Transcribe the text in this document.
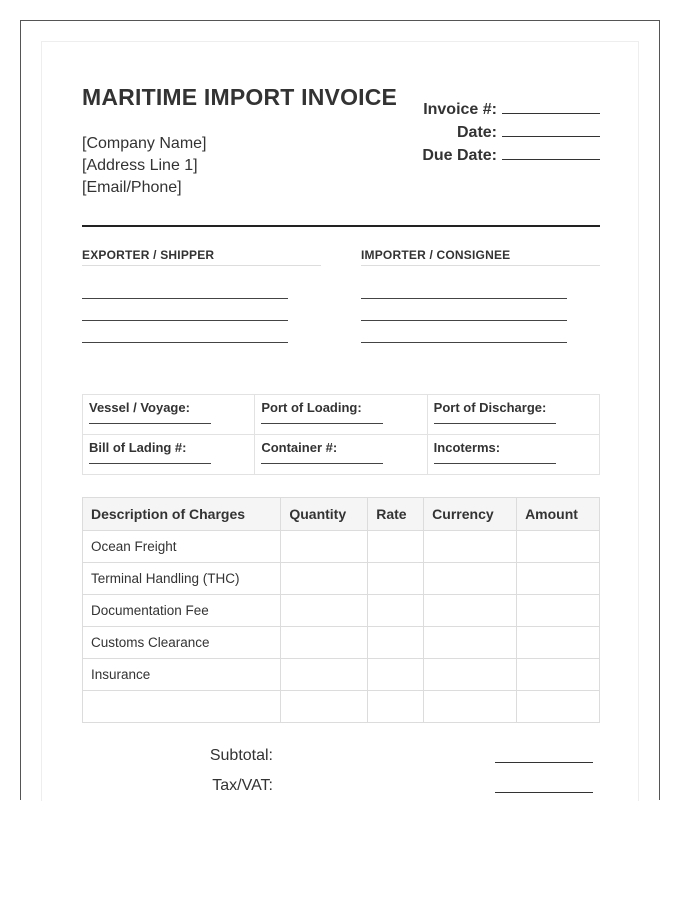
MARITIME IMPORT INVOICE
[Company Name]
[Address Line 1]
[Email/Phone]
Invoice #:
Date:
Due Date:
EXPORTER / SHIPPER	IMPORTER / CONSIGNEE
Vessel / Voyage:	Port of Loading:	Port of Discharge:

Bill of Lading #:	Container #:	Incoterms:
Description of Charges	Quantity	Rate	Currency	Amount
Ocean Freight				
Terminal Handling (THC)				
Documentation Fee				
Customs Clearance				
Insurance				

Subtotal:
Tax/VAT:
